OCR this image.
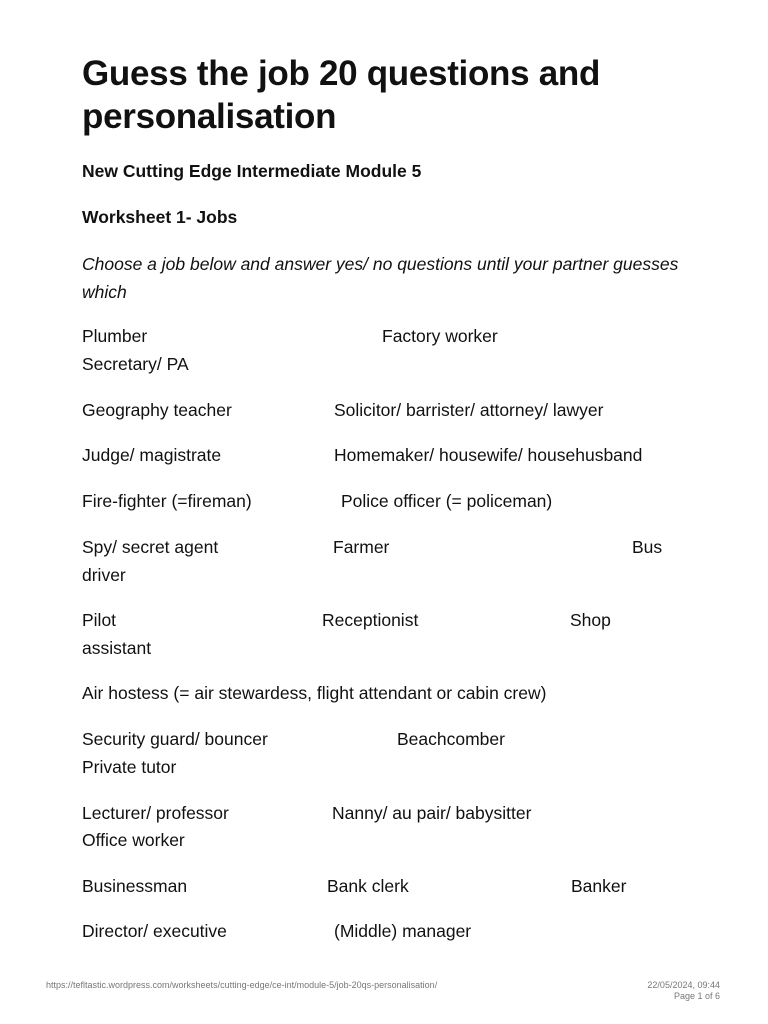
Guess the job 20 questions and personalisation

New Cutting Edge Intermediate Module 5

Worksheet 1- Jobs

Choose a job below and answer yes/ no questions until your partner guesses which

Plumber	Factory worker
Secretary/ PA
Geography teacher	Solicitor/ barrister/ attorney/ lawyer
Judge/ magistrate	Homemaker/ housewife/ househusband
Fire-fighter (=fireman)	Police officer (= policeman)
Spy/ secret agent	Farmer	Bus
driver
Pilot	Receptionist	Shop
assistant
Air hostess (= air stewardess, flight attendant or cabin crew)
Security guard/ bouncer	Beachcomber
Private tutor
Lecturer/ professor	Nanny/ au pair/ babysitter
Office worker
Businessman	Bank clerk	Banker
Director/ executive	(Middle) manager
https://tefltastic.wordpress.com/worksheets/cutting-edge/ce-int/module-5/job-20qs-personalisation/	22/05/2024, 09:44
Page 1 of 6
